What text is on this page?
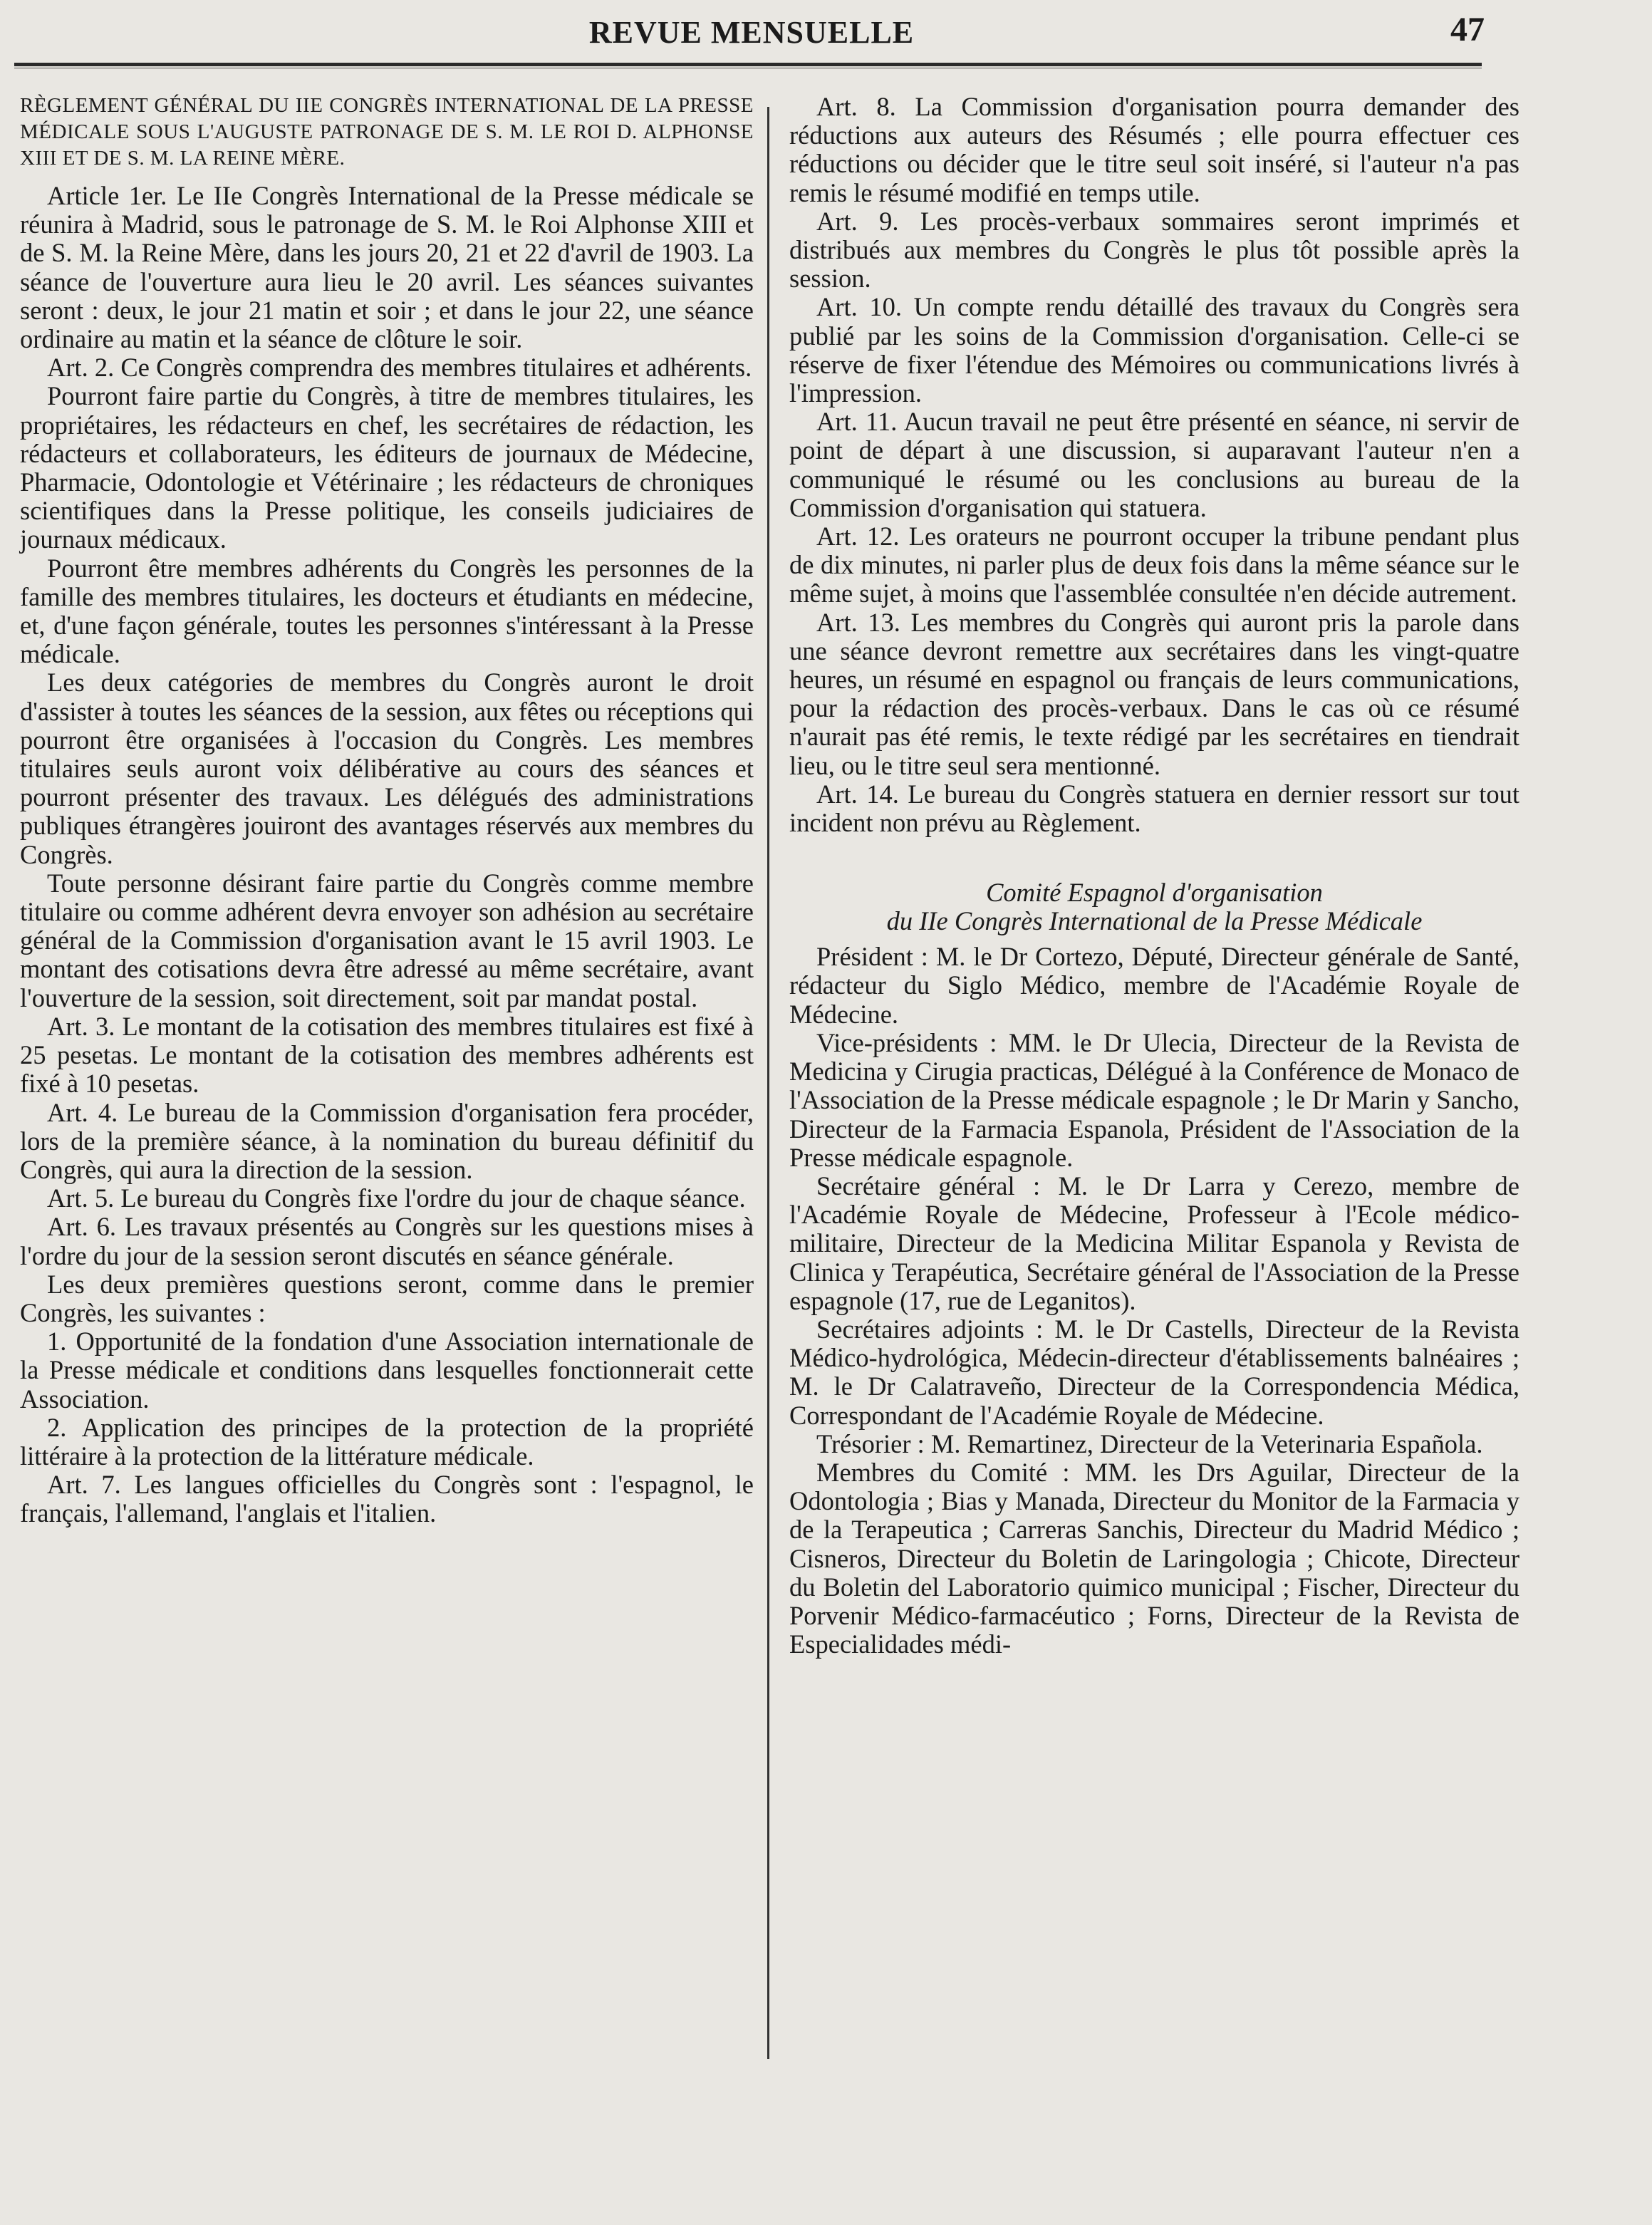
REVUE MENSUELLE	47

RÈGLEMENT GÉNÉRAL DU IIE CONGRÈS INTERNATIONAL DE LA PRESSE MÉDICALE SOUS L'AUGUSTE PATRONAGE DE S. M. LE ROI D. ALPHONSE XIII ET DE S. M. LA REINE MÈRE.

Article 1er. Le IIe Congrès International de la Presse médicale se réunira à Madrid, sous le patronage de S. M. le Roi Alphonse XIII et de S. M. la Reine Mère, dans les jours 20, 21 et 22 d'avril de 1903. La séance de l'ouverture aura lieu le 20 avril. Les séances suivantes seront : deux, le jour 21 matin et soir ; et dans le jour 22, une séance ordinaire au matin et la séance de clôture le soir.

Art. 2. Ce Congrès comprendra des membres titulaires et adhérents.

Pourront faire partie du Congrès, à titre de membres titulaires, les propriétaires, les rédacteurs en chef, les secrétaires de rédaction, les rédacteurs et collaborateurs, les éditeurs de journaux de Médecine, Pharmacie, Odontologie et Vétérinaire ; les rédacteurs de chroniques scientifiques dans la Presse politique, les conseils judiciaires de journaux médicaux.

Pourront être membres adhérents du Congrès les personnes de la famille des membres titulaires, les docteurs et étudiants en médecine, et, d'une façon générale, toutes les personnes s'intéressant à la Presse médicale.

Les deux catégories de membres du Congrès auront le droit d'assister à toutes les séances de la session, aux fêtes ou réceptions qui pourront être organisées à l'occasion du Congrès. Les membres titulaires seuls auront voix délibérative au cours des séances et pourront présenter des travaux. Les délégués des administrations publiques étrangères jouiront des avantages réservés aux membres du Congrès.

Toute personne désirant faire partie du Congrès comme membre titulaire ou comme adhérent devra envoyer son adhésion au secrétaire général de la Commission d'organisation avant le 15 avril 1903. Le montant des cotisations devra être adressé au même secrétaire, avant l'ouverture de la session, soit directement, soit par mandat postal.

Art. 3. Le montant de la cotisation des membres titulaires est fixé à 25 pesetas. Le montant de la cotisation des membres adhérents est fixé à 10 pesetas.

Art. 4. Le bureau de la Commission d'organisation fera procéder, lors de la première séance, à la nomination du bureau définitif du Congrès, qui aura la direction de la session.

Art. 5. Le bureau du Congrès fixe l'ordre du jour de chaque séance.

Art. 6. Les travaux présentés au Congrès sur les questions mises à l'ordre du jour de la session seront discutés en séance générale.

Les deux premières questions seront, comme dans le premier Congrès, les suivantes :

1. Opportunité de la fondation d'une Association internationale de la Presse médicale et conditions dans lesquelles fonctionnerait cette Association.

2. Application des principes de la protection de la propriété littéraire à la protection de la littérature médicale.

Art. 7. Les langues officielles du Congrès sont : l'espagnol, le français, l'allemand, l'anglais et l'italien.

Art. 8. La Commission d'organisation pourra demander des réductions aux auteurs des Résumés ; elle pourra effectuer ces réductions ou décider que le titre seul soit inséré, si l'auteur n'a pas remis le résumé modifié en temps utile.

Art. 9. Les procès-verbaux sommaires seront imprimés et distribués aux membres du Congrès le plus tôt possible après la session.

Art. 10. Un compte rendu détaillé des travaux du Congrès sera publié par les soins de la Commission d'organisation. Celle-ci se réserve de fixer l'étendue des Mémoires ou communications livrés à l'impression.

Art. 11. Aucun travail ne peut être présenté en séance, ni servir de point de départ à une discussion, si auparavant l'auteur n'en a communiqué le résumé ou les conclusions au bureau de la Commission d'organisation qui statuera.

Art. 12. Les orateurs ne pourront occuper la tribune pendant plus de dix minutes, ni parler plus de deux fois dans la même séance sur le même sujet, à moins que l'assemblée consultée n'en décide autrement.

Art. 13. Les membres du Congrès qui auront pris la parole dans une séance devront remettre aux secrétaires dans les vingt-quatre heures, un résumé en espagnol ou français de leurs communications, pour la rédaction des procès-verbaux. Dans le cas où ce résumé n'aurait pas été remis, le texte rédigé par les secrétaires en tiendrait lieu, ou le titre seul sera mentionné.

Art. 14. Le bureau du Congrès statuera en dernier ressort sur tout incident non prévu au Règlement.

Comité Espagnol d'organisation

du IIe Congrès International de la Presse Médicale

Président : M. le Dr Cortezo, Député, Directeur générale de Santé, rédacteur du Siglo Médico, membre de l'Académie Royale de Médecine.

Vice-présidents : MM. le Dr Ulecia, Directeur de la Revista de Medicina y Cirugia practicas, Délégué à la Conférence de Monaco de l'Association de la Presse médicale espagnole ; le Dr Marin y Sancho, Directeur de la Farmacia Espanola, Président de l'Association de la Presse médicale espagnole.

Secrétaire général : M. le Dr Larra y Cerezo, membre de l'Académie Royale de Médecine, Professeur à l'Ecole médico-militaire, Directeur de la Medicina Militar Espanola y Revista de Clinica y Terapéutica, Secrétaire général de l'Association de la Presse espagnole (17, rue de Leganitos).

Secrétaires adjoints : M. le Dr Castells, Directeur de la Revista Médico-hydrológica, Médecin-directeur d'établissements balnéaires ; M. le Dr Calatraveño, Directeur de la Correspondencia Médica, Correspondant de l'Académie Royale de Médecine.

Trésorier : M. Remartinez, Directeur de la Veterinaria Española.

Membres du Comité : MM. les Drs Aguilar, Directeur de la Odontologia ; Bias y Manada, Directeur du Monitor de la Farmacia y de la Terapeutica ; Carreras Sanchis, Directeur du Madrid Médico ; Cisneros, Directeur du Boletin de Laringologia ; Chicote, Directeur du Boletin del Laboratorio quimico municipal ; Fischer, Directeur du Porvenir Médico-farmacéutico ; Forns, Directeur de la Revista de Especialidades médi-
